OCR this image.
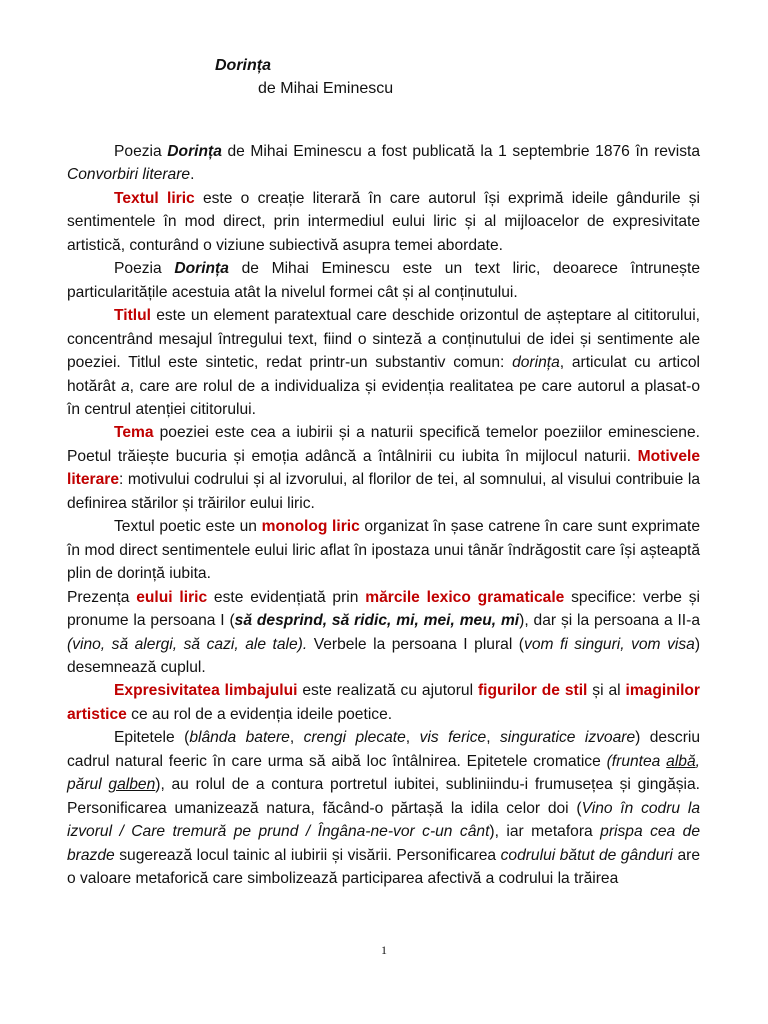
Dorința
de Mihai Eminescu

Poezia Dorința de Mihai Eminescu a fost publicată la 1 septembrie 1876 în revista Convorbiri literare.

Textul liric este o creație literară în care autorul își exprimă ideile gândurile și sentimentele în mod direct, prin intermediul eului liric și al mijloacelor de expresivitate artistică, conturând o viziune subiectivă asupra temei abordate.

Poezia Dorința de Mihai Eminescu este un text liric, deoarece întrunește particularitățile acestuia atât la nivelul formei cât și al conținutului.

Titlul este un element paratextual care deschide orizontul de așteptare al cititorului, concentrând mesajul întregului text, fiind o sinteză a conținutului de idei și sentimente ale poeziei. Titlul este sintetic, redat printr-un substantiv comun: dorința, articulat cu articol hotărât a, care are rolul de a individualiza și evidenția realitatea pe care autorul a plasat-o în centrul atenției cititorului.

Tema poeziei este cea a iubirii și a naturii specifică temelor poeziilor eminesciene. Poetul trăiește bucuria și emoția adâncă a întâlnirii cu iubita în mijlocul naturii. Motivele literare: motivului codrului și al izvorului, al florilor de tei, al somnului, al visului contribuie la definirea stărilor și trăirilor eului liric.

Textul poetic este un monolog liric organizat în șase catrene în care sunt exprimate în mod direct sentimentele eului liric aflat în ipostaza unui tânăr îndrăgostit care își așteaptă plin de dorință iubita.

Prezența eului liric este evidențiată prin mărcile lexico gramaticale specifice: verbe și pronume la persoana I (să desprind, să ridic, mi, mei, meu, mi), dar și la persoana a II-a (vino, să alergi, să cazi, ale tale). Verbele la persoana I plural (vom fi singuri, vom visa) desemnează cuplul.

Expresivitatea limbajului este realizată cu ajutorul figurilor de stil și al imaginilor artistice ce au rol de a evidenția ideile poetice.

Epitetele (blânda batere, crengi plecate, vis ferice, singuratice izvoare) descriu cadrul natural feeric în care urma să aibă loc întâlnirea. Epitetele cromatice (fruntea albă, părul galben), au rolul de a contura portretul iubitei, subliniindu-i frumusețea și gingășia. Personificarea umanizează natura, făcând-o părtașă la idila celor doi (Vino în codru la izvorul / Care tremură pe prund / Îngâna-ne-vor c-un cânt), iar metafora prispa cea de brazde sugerează locul tainic al iubirii și visării. Personificarea codrului bătut de gânduri are o valoare metaforică care simbolizează participarea afectivă a codrului la trăirea

1
